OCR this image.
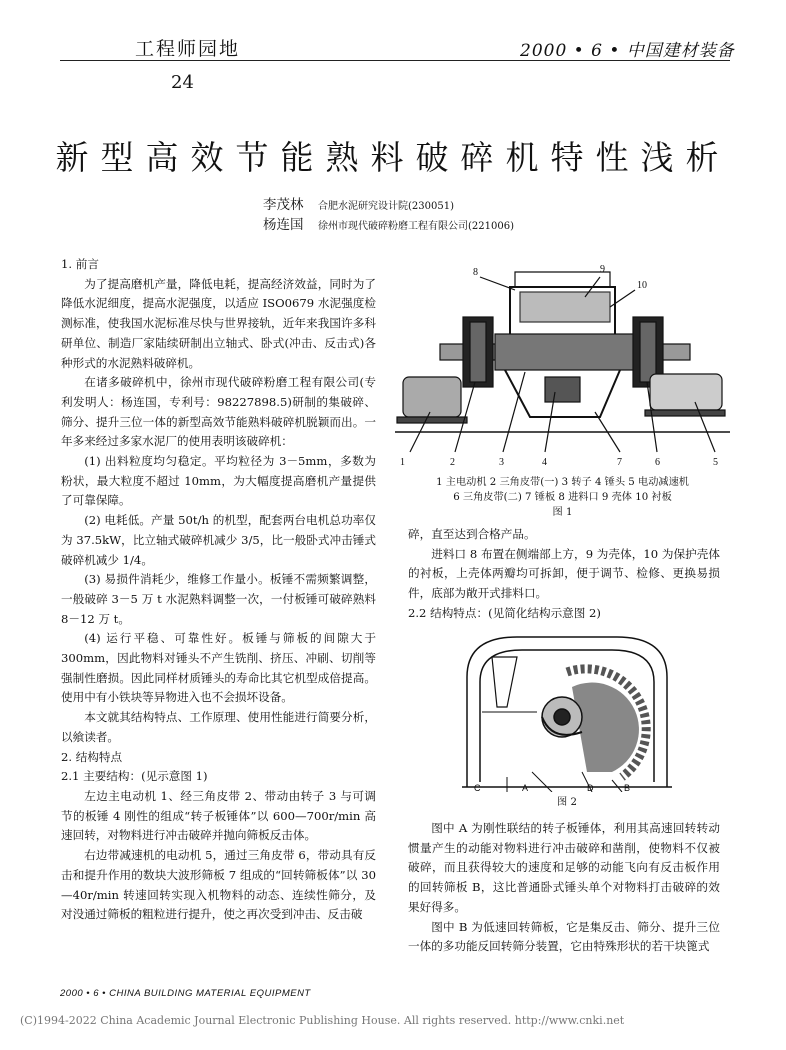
工程师园地	2000 • 6 • 中国建材装备
24
新型高效节能熟料破碎机特性浅析
李茂林 合肥水泥研究设计院(230051)
杨连国 徐州市现代破碎粉磨工程有限公司(221006)

1. 前言

为了提高磨机产量，降低电耗，提高经济效益，同时为了降低水泥细度，提高水泥强度，以适应 ISO0679 水泥强度检测标准，使我国水泥标准尽快与世界接轨，近年来我国许多科研单位、制造厂家陆续研制出立轴式、卧式(冲击、反击式)各种形式的水泥熟料破碎机。

在诸多破碎机中，徐州市现代破碎粉磨工程有限公司(专利发明人：杨连国，专利号：98227898.5)研制的集破碎、筛分、提升三位一体的新型高效节能熟料破碎机脱颖而出。一年多来经过多家水泥厂的使用表明该破碎机：

(1) 出料粒度均匀稳定。平均粒径为 3－5mm，多数为粉状，最大粒度不超过 10mm，为大幅度提高磨机产量提供了可靠保障。

(2) 电耗低。产量 50t/h 的机型，配套两台电机总功率仅为 37.5kW，比立轴式破碎机减少 3/5，比一般卧式冲击锤式破碎机减少 1/4。

(3) 易损件消耗少，维修工作量小。板锤不需频繁调整，一般破碎 3－5 万 t 水泥熟料调整一次，一付板锤可破碎熟料 8－12 万 t。

(4) 运行平稳、可靠性好。板锤与筛板的间隙大于 300mm，因此物料对锤头不产生铣削、挤压、冲刷、切削等强制性磨损。因此同样材质锤头的寿命比其它机型成倍提高。使用中有小铁块等异物进入也不会损坏设备。

本文就其结构特点、工作原理、使用性能进行简要分析，以飨读者。

2. 结构特点

2.1 主要结构：(见示意图 1)

左边主电动机 1、经三角皮带 2、带动由转子 3 与可调节的板锤 4 刚性的组成“转子板锤体”以 600—700r/min 高速回转，对物料进行冲击破碎并抛向筛板反击体。

右边带减速机的电动机 5，通过三角皮带 6，带动具有反击和提升作用的数块大波形筛板 7 组成的“回转筛板体”以 30—40r/min 转速回转实现入机物料的动态、连续性筛分，及对没通过筛板的粗粒进行提升，使之再次受到冲击、反击破

1	2	3	4	7	6	5
8	9
10
1 主电动机 2 三角皮带(一) 3 转子 4 锤头 5 电动减速机
6 三角皮带(二) 7 锤板 8 进料口 9 壳体 10 衬板
图 1

碎，直至达到合格产品。

进料口 8 布置在侧端部上方，9 为壳体，10 为保护壳体的衬板，上壳体两瓣均可拆卸，便于调节、检修、更换易损件，底部为敞开式排料口。

2.2 结构特点：(见简化结构示意图 2)

C	A	D	B
图 2

图中 A 为刚性联结的转子板锤体，利用其高速回转转动惯量产生的动能对物料进行冲击破碎和凿削，使物料不仅被破碎，而且获得较大的速度和足够的动能飞向有反击板作用的回转筛板 B，这比普通卧式锤头单个对物料打击破碎的效果好得多。

图中 B 为低速回转筛板，它是集反击、筛分、提升三位一体的多功能反回转筛分装置，它由特殊形状的若干块篦式

2000 • 6 • CHINA BUILDING MATERIAL EQUIPMENT
(C)1994-2022 China Academic Journal Electronic Publishing House. All rights reserved. http://www.cnki.net
